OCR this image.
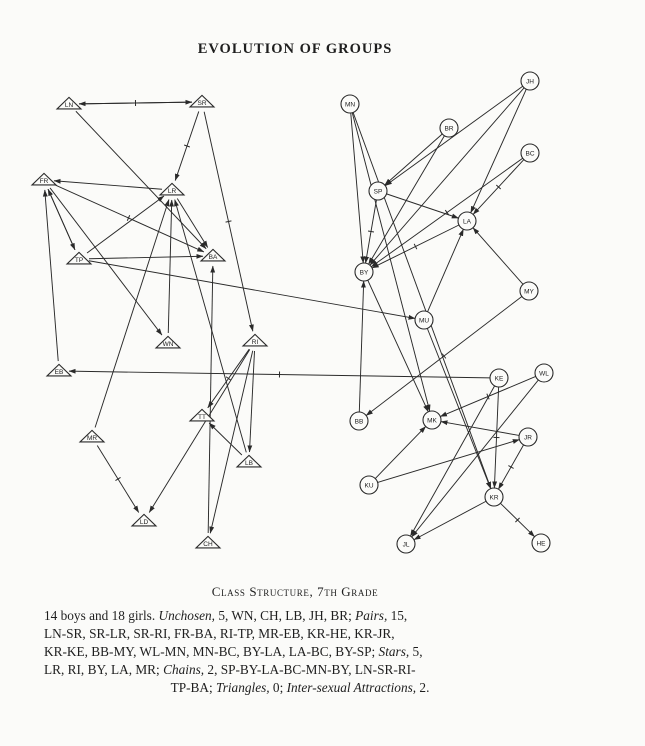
EVOLUTION OF GROUPS
LN	SR
FR
LR
TP	BA
WN	RI
EB
TT
MR
LB
LD
CH
MN
JH
BR
BC
SP
LA
BY
MY
MU
WL
KE
BB	MK
JR
KU
KR
JL	HE
Class Structure, 7th Grade
14 boys and 18 girls. Unchosen, 5, WN, CH, LB, JH, BR; Pairs, 15,
LN-SR, SR-LR, SR-RI, FR-BA, RI-TP, MR-EB, KR-HE, KR-JR,
KR-KE, BB-MY, WL-MN, MN-BC, BY-LA, LA-BC, BY-SP; Stars, 5,
LR, RI, BY, LA, MR; Chains, 2, SP-BY-LA-BC-MN-BY, LN-SR-RI-
TP-BA; Triangles, 0; Inter-sexual Attractions, 2.
